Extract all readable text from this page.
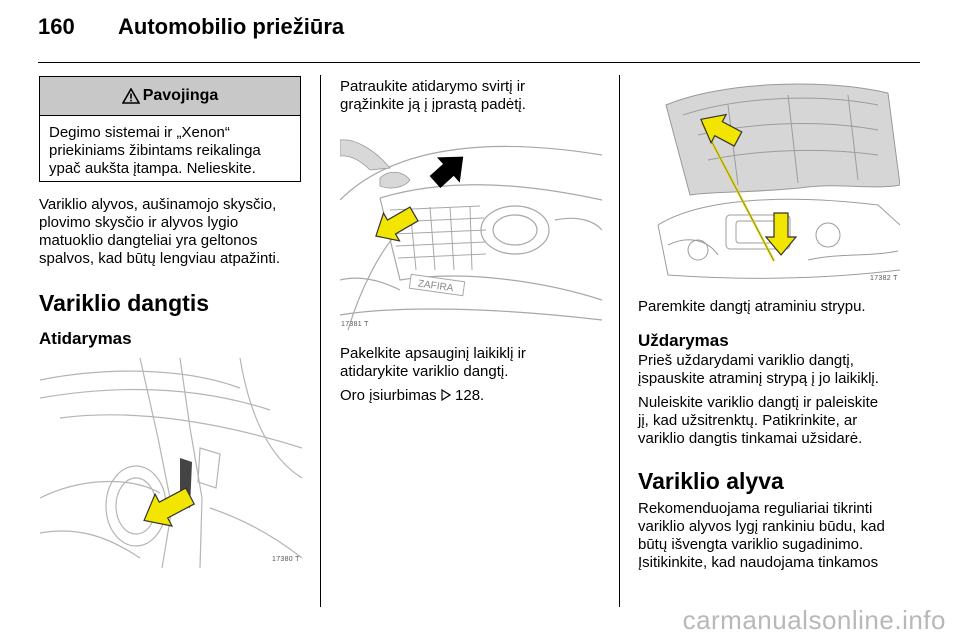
160 Automobilio priežiūra
Pavojinga
Degimo sistemai ir „Xenon“
priekiniams žibintams reikalinga
ypač aukšta įtampa. Nelieskite.
Variklio alyvos, aušinamojo skysčio,
plovimo skysčio ir alyvos lygio
matuoklio dangteliai yra geltonos
spalvos, kad būtų lengviau atpažinti.
Variklio dangtis
Atidarymas
17380 T
Patraukite atidarymo svirtį ir
grąžinkite ją į įprastą padėtį.
ZAFIRA
17381 T
Pakelkite apsauginį laikiklį ir
atidarykite variklio dangtį.
Oro įsiurbimas 128.
17382 T
Paremkite dangtį atraminiu strypu.
Uždarymas
Prieš uždarydami variklio dangtį,
įspauskite atraminį strypą į jo laikiklį.
Nuleiskite variklio dangtį ir paleiskite
jį, kad užsitrenktų. Patikrinkite, ar
variklio dangtis tinkamai užsidarė.
Variklio alyva
Rekomenduojama reguliariai tikrinti
variklio alyvos lygį rankiniu būdu, kad
būtų išvengta variklio sugadinimo.
Įsitikinkite, kad naudojama tinkamos
carmanualsonline.info
